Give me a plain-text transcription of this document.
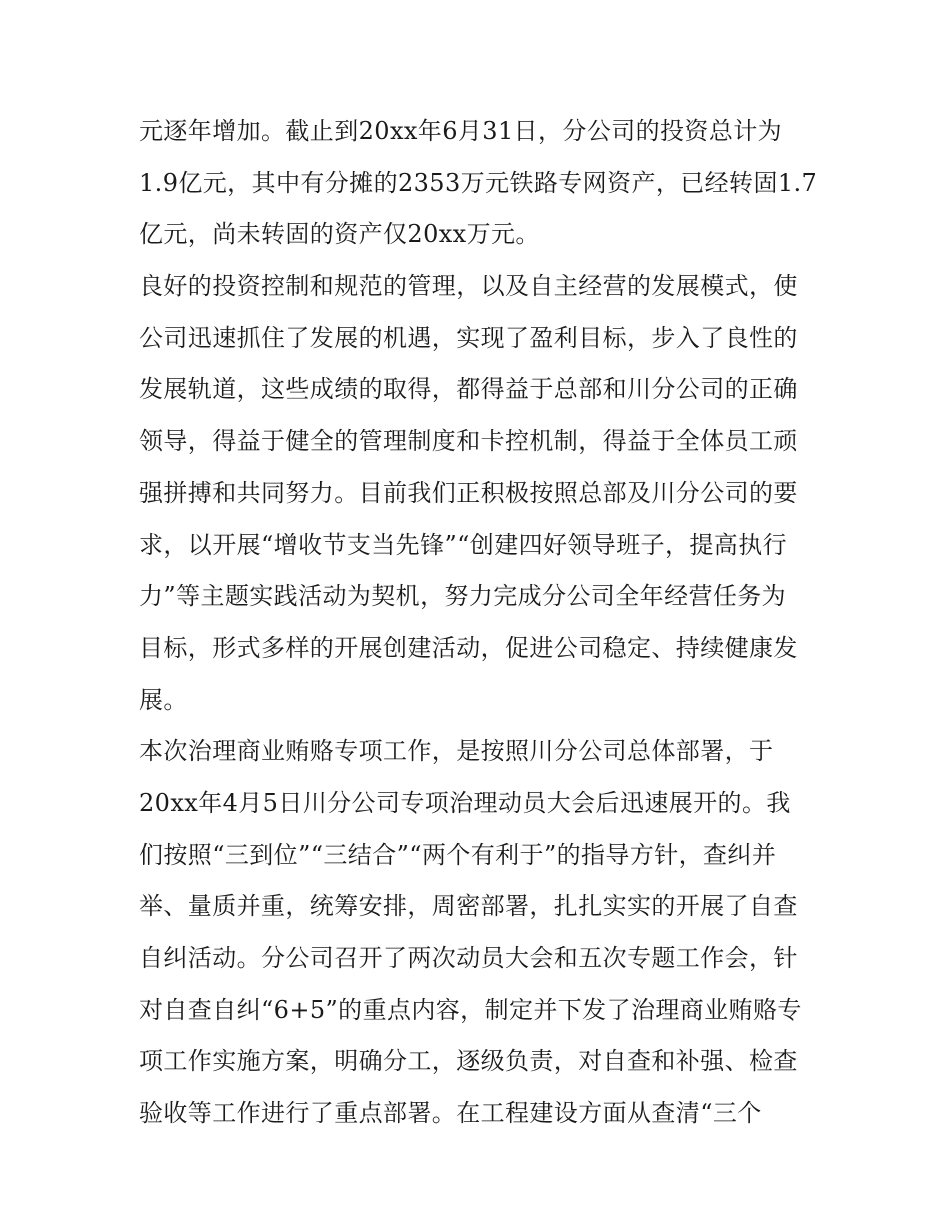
元逐年增加。截止到20xx年6月31日，分公司的投资总计为
1.9亿元，其中有分摊的2353万元铁路专网资产，已经转固1.7
亿元，尚未转固的资产仅20xx万元。
良好的投资控制和规范的管理，以及自主经营的发展模式，使
公司迅速抓住了发展的机遇，实现了盈利目标，步入了良性的
发展轨道，这些成绩的取得，都得益于总部和川分公司的正确
领导，得益于健全的管理制度和卡控机制，得益于全体员工顽
强拼搏和共同努力。目前我们正积极按照总部及川分公司的要
求，以开展“增收节支当先锋”“创建四好领导班子，提高执行
力”等主题实践活动为契机，努力完成分公司全年经营任务为
目标，形式多样的开展创建活动，促进公司稳定、持续健康发
展。
本次治理商业贿赂专项工作，是按照川分公司总体部署，于
20xx年4月5日川分公司专项治理动员大会后迅速展开的。我
们按照“三到位”“三结合”“两个有利于”的指导方针，查纠并
举、量质并重，统筹安排，周密部署，扎扎实实的开展了自查
自纠活动。分公司召开了两次动员大会和五次专题工作会，针
对自查自纠“6+5”的重点内容，制定并下发了治理商业贿赂专
项工作实施方案，明确分工，逐级负责，对自查和补强、检查
验收等工作进行了重点部署。在工程建设方面从查清“三个
